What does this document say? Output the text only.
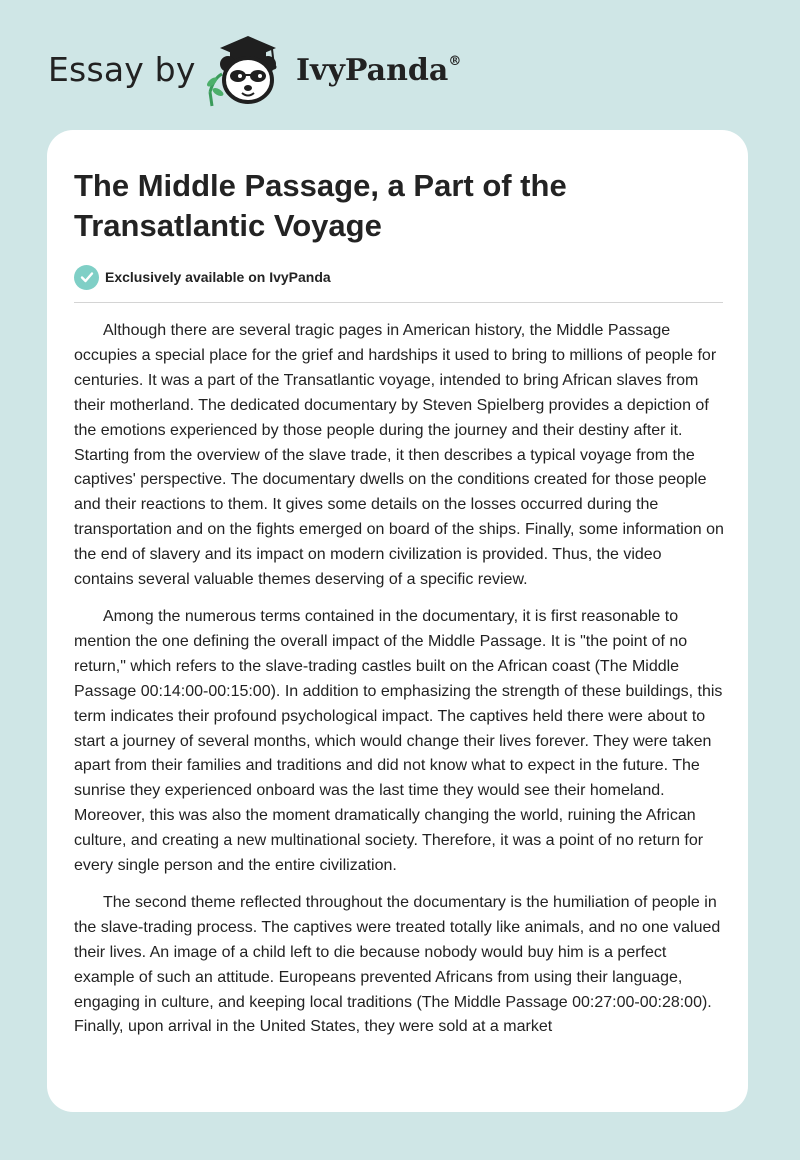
Essay by	IvyPanda®
The Middle Passage, a Part of the Transatlantic Voyage
Exclusively available on IvyPanda

Although there are several tragic pages in American history, the Middle Passage occupies a special place for the grief and hardships it used to bring to millions of people for centuries. It was a part of the Transatlantic voyage, intended to bring African slaves from their motherland. The dedicated documentary by Steven Spielberg provides a depiction of the emotions experienced by those people during the journey and their destiny after it. Starting from the overview of the slave trade, it then describes a typical voyage from the captives' perspective. The documentary dwells on the conditions created for those people and their reactions to them. It gives some details on the losses occurred during the transportation and on the fights emerged on board of the ships. Finally, some information on the end of slavery and its impact on modern civilization is provided. Thus, the video contains several valuable themes deserving of a specific review.

Among the numerous terms contained in the documentary, it is first reasonable to mention the one defining the overall impact of the Middle Passage. It is "the point of no return," which refers to the slave-trading castles built on the African coast (The Middle Passage 00:14:00-00:15:00). In addition to emphasizing the strength of these buildings, this term indicates their profound psychological impact. The captives held there were about to start a journey of several months, which would change their lives forever. They were taken apart from their families and traditions and did not know what to expect in the future. The sunrise they experienced onboard was the last time they would see their homeland. Moreover, this was also the moment dramatically changing the world, ruining the African culture, and creating a new multinational society. Therefore, it was a point of no return for every single person and the entire civilization.

The second theme reflected throughout the documentary is the humiliation of people in the slave-trading process. The captives were treated totally like animals, and no one valued their lives. An image of a child left to die because nobody would buy him is a perfect example of such an attitude. Europeans prevented Africans from using their language, engaging in culture, and keeping local traditions (The Middle Passage 00:27:00-00:28:00). Finally, upon arrival in the United States, they were sold at a market
